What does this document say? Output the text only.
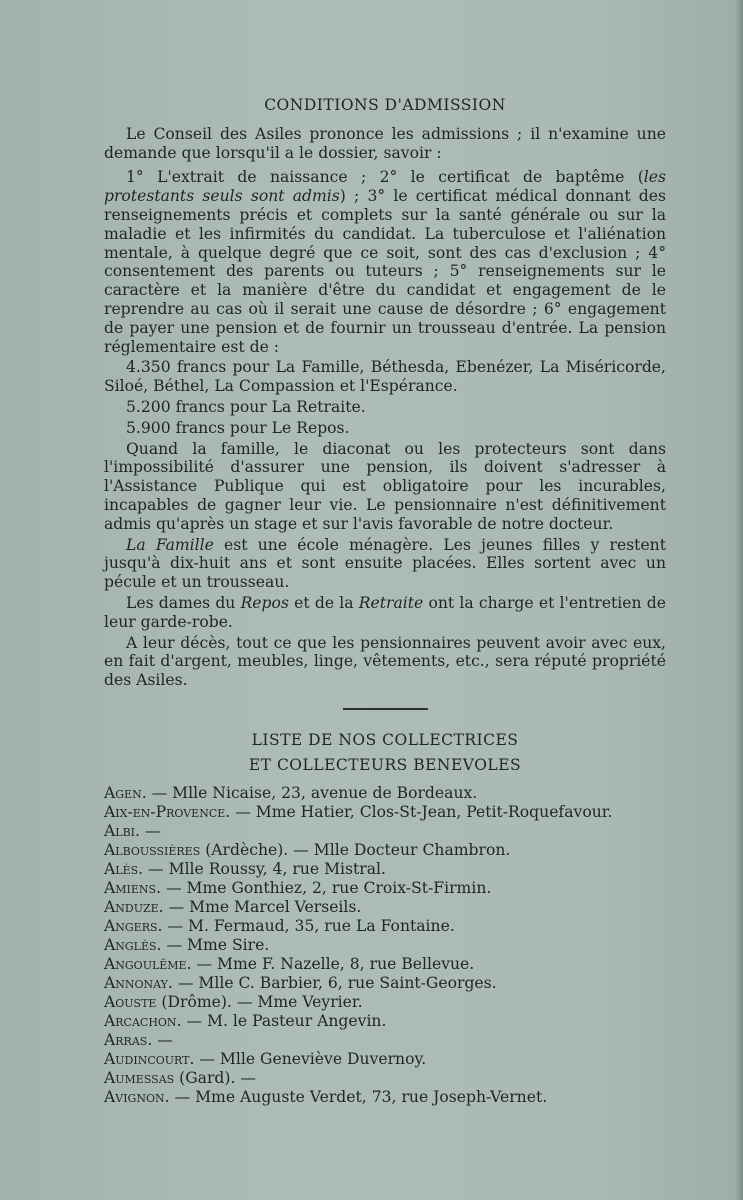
CONDITIONS D'ADMISSION

Le Conseil des Asiles prononce les admissions ; il n'examine une demande que lorsqu'il a le dossier, savoir :

1° L'extrait de naissance ; 2° le certificat de baptême (les protestants seuls sont admis) ; 3° le certificat médical donnant des renseignements précis et complets sur la santé générale ou sur la maladie et les infirmités du candidat. La tuberculose et l'aliénation mentale, à quelque degré que ce soit, sont des cas d'exclusion ; 4° consentement des parents ou tuteurs ; 5° renseignements sur le caractère et la manière d'être du candidat et engagement de le reprendre au cas où il serait une cause de désordre ; 6° engagement de payer une pension et de fournir un trousseau d'entrée. La pension réglementaire est de :

4.350 francs pour La Famille, Béthesda, Ebenézer, La Miséricorde, Siloé, Béthel, La Compassion et l'Espérance.

5.200 francs pour La Retraite.

5.900 francs pour Le Repos.

Quand la famille, le diaconat ou les protecteurs sont dans l'impossibilité d'assurer une pension, ils doivent s'adresser à l'Assistance Publique qui est obligatoire pour les incurables, incapables de gagner leur vie. Le pensionnaire n'est définitivement admis qu'après un stage et sur l'avis favorable de notre docteur.

La Famille est une école ménagère. Les jeunes filles y restent jusqu'à dix-huit ans et sont ensuite placées. Elles sortent avec un pécule et un trousseau.

Les dames du Repos et de la Retraite ont la charge et l'entretien de leur garde-robe.

A leur décès, tout ce que les pensionnaires peuvent avoir avec eux, en fait d'argent, meubles, linge, vêtements, etc., sera réputé propriété des Asiles.

LISTE DE NOS COLLECTRICES
ET COLLECTEURS BENEVOLES
Agen. — Mlle Nicaise, 23, avenue de Bordeaux.
Aix-en-Provence. — Mme Hatier, Clos-St-Jean, Petit-Roquefavour.
Albi. —
Alboussières (Ardèche). — Mlle Docteur Chambron.
Alès. — Mlle Roussy, 4, rue Mistral.
Amiens. — Mme Gonthiez, 2, rue Croix-St-Firmin.
Anduze. — Mme Marcel Verseils.
Angers. — M. Fermaud, 35, rue La Fontaine.
Anglès. — Mme Sire.
Angoulême. — Mme F. Nazelle, 8, rue Bellevue.
Annonay. — Mlle C. Barbier, 6, rue Saint-Georges.
Aouste (Drôme). — Mme Veyrier.
Arcachon. — M. le Pasteur Angevin.
Arras. —
Audincourt. — Mlle Geneviève Duvernoy.
Aumessas (Gard). —
Avignon. — Mme Auguste Verdet, 73, rue Joseph-Vernet.
